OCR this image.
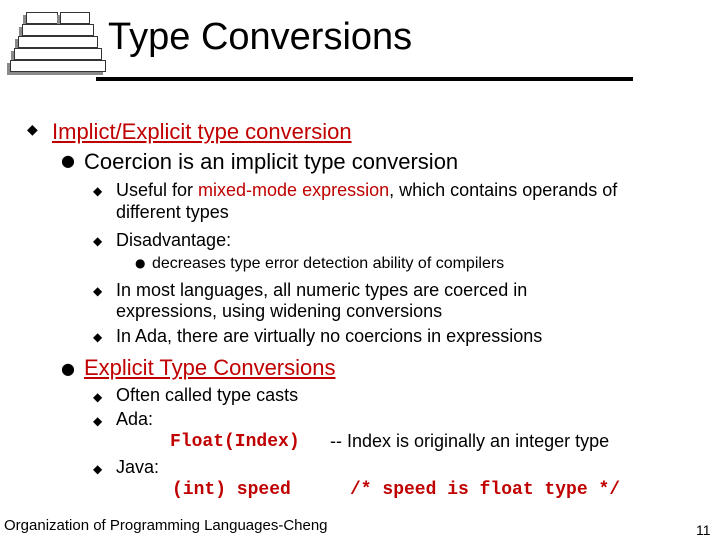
Type Conversions
◆ Implict/Explicit type conversion
● Coercion is an implicit type conversion
◆ Useful for mixed-mode expression, which contains operands of
different types
◆ Disadvantage:
● decreases type error detection ability of compilers
◆ In most languages, all numeric types are coerced in
expressions, using widening conversions
◆ In Ada, there are virtually no coercions in expressions
● Explicit Type Conversions
◆ Often called type casts
◆ Ada:
Float(Index) -- Index is originally an integer type
◆ Java:
(int) speed	/* speed is float type */
Organization of Programming Languages-Cheng	11
